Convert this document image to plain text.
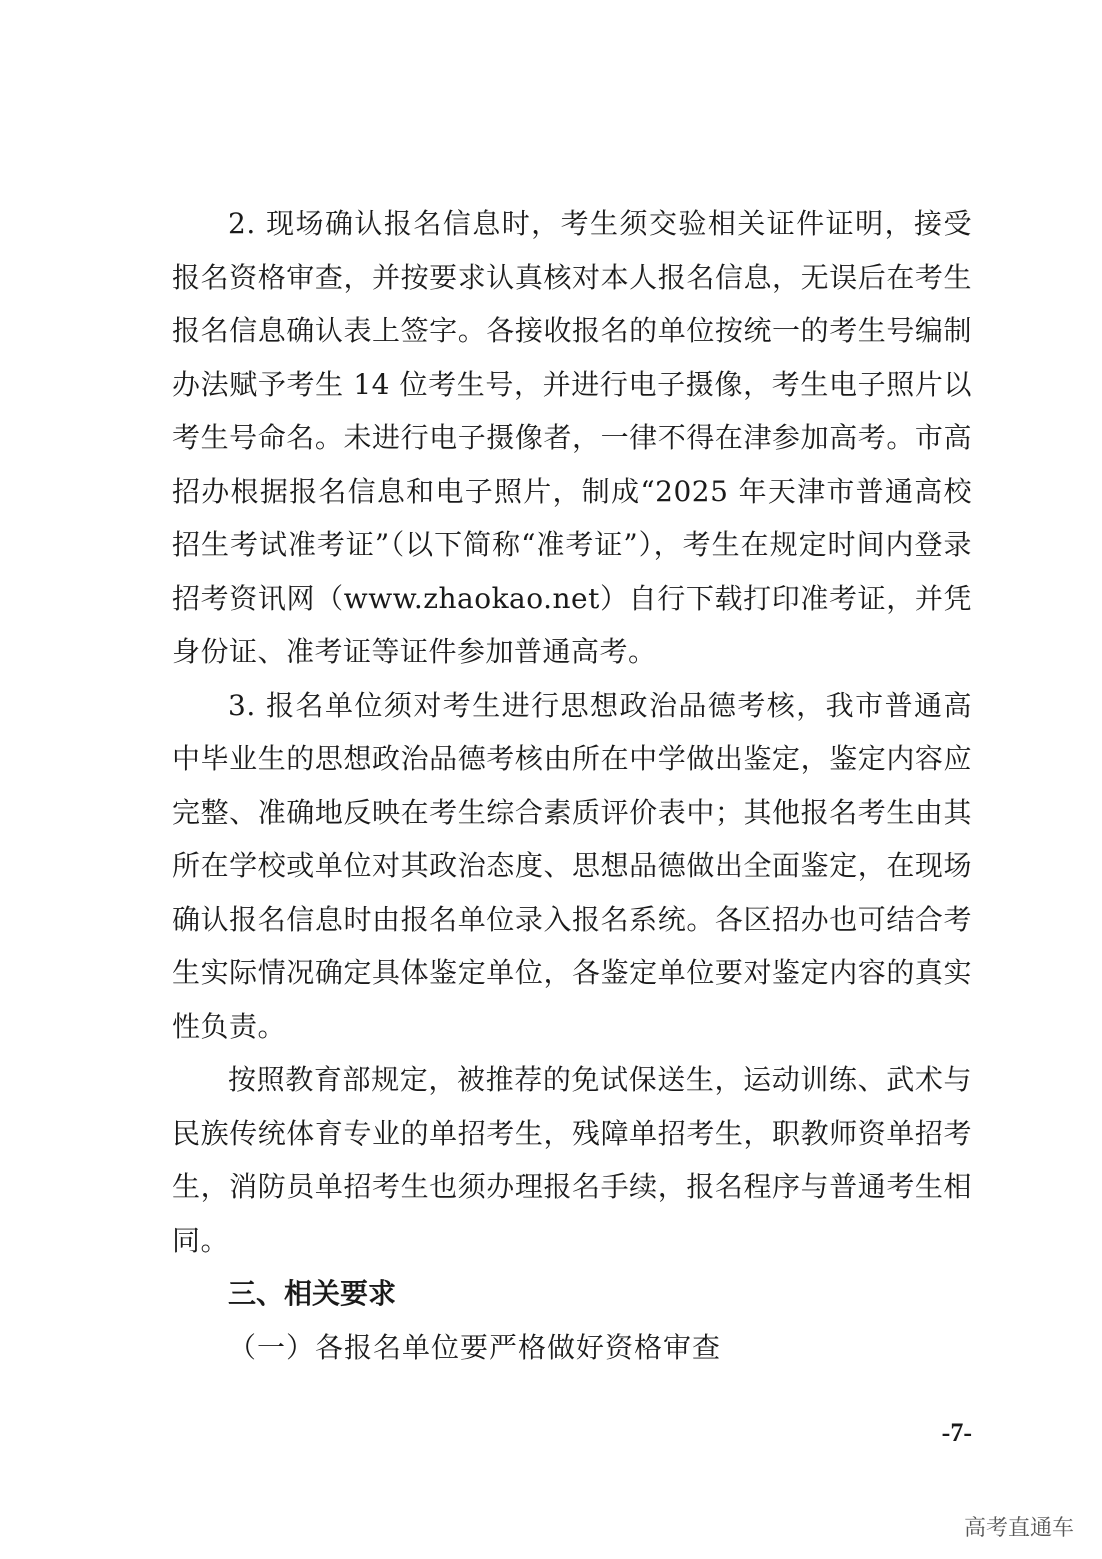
2. 现场确认报名信息时，考生须交验相关证件证明，接受报名资格审查，并按要求认真核对本人报名信息，无误后在考生报名信息确认表上签字。各接收报名的单位按统一的考生号编制办法赋予考生 14 位考生号，并进行电子摄像，考生电子照片以考生号命名。未进行电子摄像者，一律不得在津参加高考。市高招办根据报名信息和电子照片，制成“2025 年天津市普通高校招生考试准考证”（以下简称“准考证”），考生在规定时间内登录招考资讯网（www.zhaokao.net）自行下载打印准考证，并凭身份证、准考证等证件参加普通高考。

3. 报名单位须对考生进行思想政治品德考核，我市普通高中毕业生的思想政治品德考核由所在中学做出鉴定，鉴定内容应完整、准确地反映在考生综合素质评价表中；其他报名考生由其所在学校或单位对其政治态度、思想品德做出全面鉴定，在现场确认报名信息时由报名单位录入报名系统。各区招办也可结合考生实际情况确定具体鉴定单位，各鉴定单位要对鉴定内容的真实性负责。

按照教育部规定，被推荐的免试保送生，运动训练、武术与民族传统体育专业的单招考生，残障单招考生，职教师资单招考生，消防员单招考生也须办理报名手续，报名程序与普通考生相同。

三、相关要求

（一）各报名单位要严格做好资格审查

-7-
高考直通车
